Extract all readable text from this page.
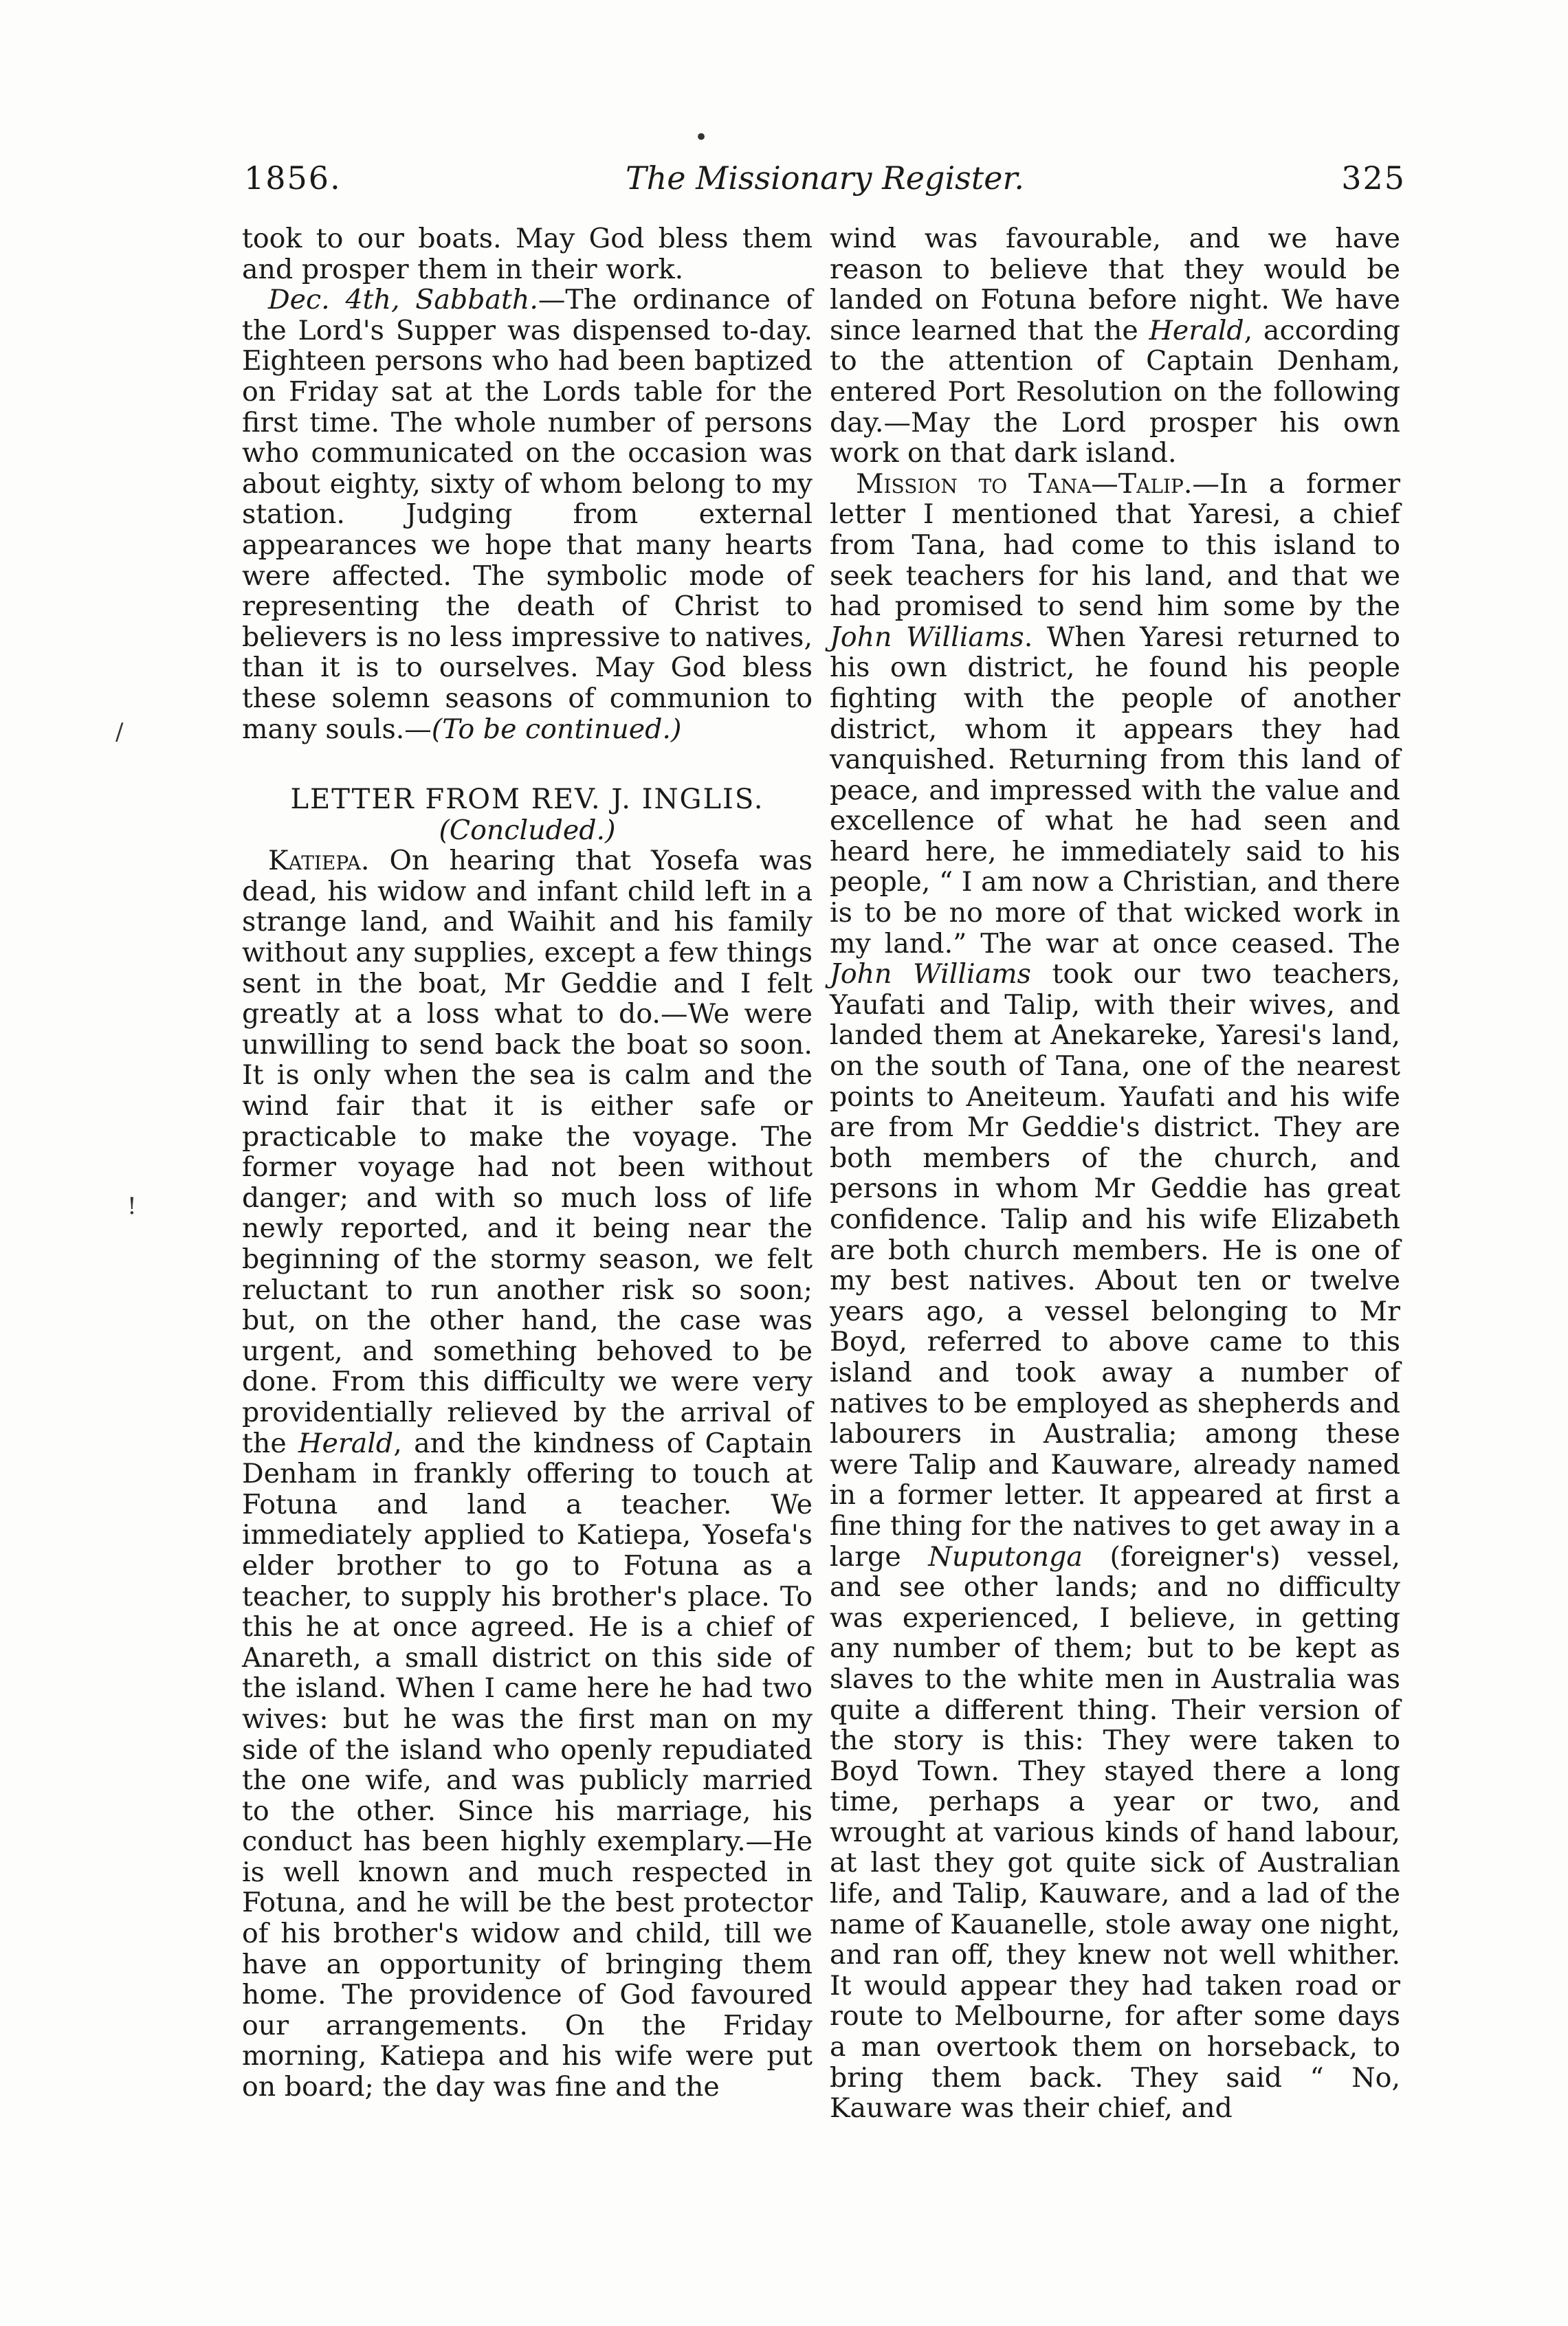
1856.	The Missionary Register.	325

took to our boats. May God bless them and prosper them in their work.

Dec. 4th, Sabbath.—The ordinance of the Lord's Supper was dispensed to-day. Eighteen persons who had been baptized on Friday sat at the Lords table for the first time. The whole number of persons who communicated on the occasion was about eighty, sixty of whom belong to my station. Judging from external appearances we hope that many hearts were affected. The symbolic mode of representing the death of Christ to believers is no less impressive to natives, than it is to ourselves. May God bless these solemn seasons of communion to many souls.—(To be continued.)

LETTER FROM REV. J. INGLIS.
(Concluded.)

Katiepa. On hearing that Yosefa was dead, his widow and infant child left in a strange land, and Waihit and his family without any supplies, except a few things sent in the boat, Mr Geddie and I felt greatly at a loss what to do.—We were unwilling to send back the boat so soon. It is only when the sea is calm and the wind fair that it is either safe or practicable to make the voyage. The former voyage had not been without danger; and with so much loss of life newly reported, and it being near the beginning of the stormy season, we felt reluctant to run another risk so soon; but, on the other hand, the case was urgent, and something behoved to be done. From this difficulty we were very providentially relieved by the arrival of the Herald, and the kindness of Captain Denham in frankly offering to touch at Fotuna and land a teacher. We immediately applied to Katiepa, Yosefa's elder brother to go to Fotuna as a teacher, to supply his brother's place. To this he at once agreed. He is a chief of Anareth, a small district on this side of the island. When I came here he had two wives: but he was the first man on my side of the island who openly repudiated the one wife, and was publicly married to the other. Since his marriage, his conduct has been highly exemplary.—He is well known and much respected in Fotuna, and he will be the best protector of his brother's widow and child, till we have an opportunity of bringing them home. The providence of God favoured our arrangements. On the Friday morning, Katiepa and his wife were put on board; the day was fine and the

wind was favourable, and we have reason to believe that they would be landed on Fotuna before night. We have since learned that the Herald, according to the attention of Captain Denham, entered Port Resolution on the following day.—May the Lord prosper his own work on that dark island.

Mission to Tana—Talip.—In a former letter I mentioned that Yaresi, a chief from Tana, had come to this island to seek teachers for his land, and that we had promised to send him some by the John Williams. When Yaresi returned to his own district, he found his people fighting with the people of another district, whom it appears they had vanquished. Returning from this land of peace, and impressed with the value and excellence of what he had seen and heard here, he immediately said to his people, “ I am now a Christian, and there is to be no more of that wicked work in my land.” The war at once ceased. The John Williams took our two teachers, Yaufati and Talip, with their wives, and landed them at Anekareke, Yaresi's land, on the south of Tana, one of the nearest points to Aneiteum. Yaufati and his wife are from Mr Geddie's district. They are both members of the church, and persons in whom Mr Geddie has great confidence. Talip and his wife Elizabeth are both church members. He is one of my best natives. About ten or twelve years ago, a vessel belonging to Mr Boyd, referred to above came to this island and took away a number of natives to be employed as shepherds and labourers in Australia; among these were Talip and Kauware, already named in a former letter. It appeared at first a fine thing for the natives to get away in a large Nuputonga (foreigner's) vessel, and see other lands; and no difficulty was experienced, I believe, in getting any number of them; but to be kept as slaves to the white men in Australia was quite a different thing. Their version of the story is this: They were taken to Boyd Town. They stayed there a long time, perhaps a year or two, and wrought at various kinds of hand labour, at last they got quite sick of Australian life, and Talip, Kauware, and a lad of the name of Kauanelle, stole away one night, and ran off, they knew not well whither. It would appear they had taken road or route to Melbourne, for after some days a man overtook them on horseback, to bring them back. They said “ No, Kauware was their chief, and

•
/
!
